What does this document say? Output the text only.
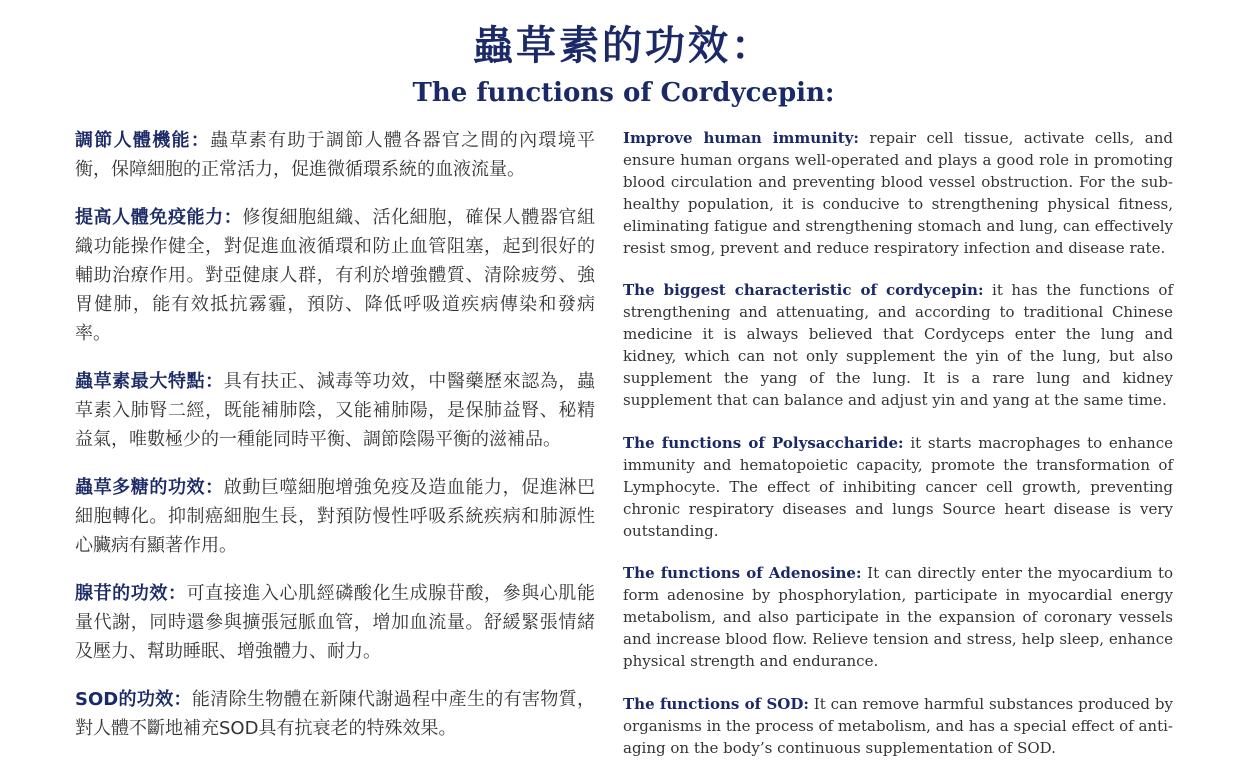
蟲草素的功效：
The functions of Cordycepin:

調節人體機能：蟲草素有助于調節人體各器官之間的內環境平衡，保障細胞的正常活力，促進微循環系統的血液流量。

提高人體免疫能力：修復細胞組織、活化細胞，確保人體器官組織功能操作健全，對促進血液循環和防止血管阻塞，起到很好的輔助治療作用。對亞健康人群，有利於增強體質、清除疲勞、強胃健肺，能有效抵抗霧霾，預防、降低呼吸道疾病傳染和發病率。

蟲草素最大特點：具有扶正、減毒等功效，中醫藥歷來認為，蟲草素入肺腎二經，既能補肺陰，又能補肺陽，是保肺益腎、秘精益氣，唯數極少的一種能同時平衡、調節陰陽平衡的滋補品。

蟲草多糖的功效：啟動巨噬細胞增強免疫及造血能力，促進淋巴細胞轉化。抑制癌細胞生長，對預防慢性呼吸系統疾病和肺源性心臟病有顯著作用。

腺苷的功效：可直接進入心肌經磷酸化生成腺苷酸，參與心肌能量代謝，同時還參與擴張冠脈血管，增加血流量。舒緩緊張情緒及壓力、幫助睡眠、增強體力、耐力。

SOD的功效：能清除生物體在新陳代謝過程中產生的有害物質，對人體不斷地補充SOD具有抗衰老的特殊效果。

Improve human immunity: repair cell tissue, activate cells, and ensure human organs well-operated and plays a good role in promoting blood circulation and preventing blood vessel obstruction. For the sub-healthy population, it is conducive to strengthening physical fitness, eliminating fatigue and strengthening stomach and lung, can effectively resist smog, prevent and reduce respiratory infection and disease rate.

The biggest characteristic of cordycepin: it has the functions of strengthening and attenuating, and according to traditional Chinese medicine it is always believed that Cordyceps enter the lung and kidney, which can not only supplement the yin of the lung, but also supplement the yang of the lung. It is a rare lung and kidney supplement that can balance and adjust yin and yang at the same time.

The functions of Polysaccharide: it starts macrophages to enhance immunity and hematopoietic capacity, promote the transformation of Lymphocyte. The effect of inhibiting cancer cell growth, preventing chronic respiratory diseases and lungs Source heart disease is very outstanding.

The functions of Adenosine: It can directly enter the myocardium to form adenosine by phosphorylation, participate in myocardial energy metabolism, and also participate in the expansion of coronary vessels and increase blood flow. Relieve tension and stress, help sleep, enhance physical strength and endurance.

The functions of SOD: It can remove harmful substances produced by organisms in the process of metabolism, and has a special effect of anti-aging on the body’s continuous supplementation of SOD.
